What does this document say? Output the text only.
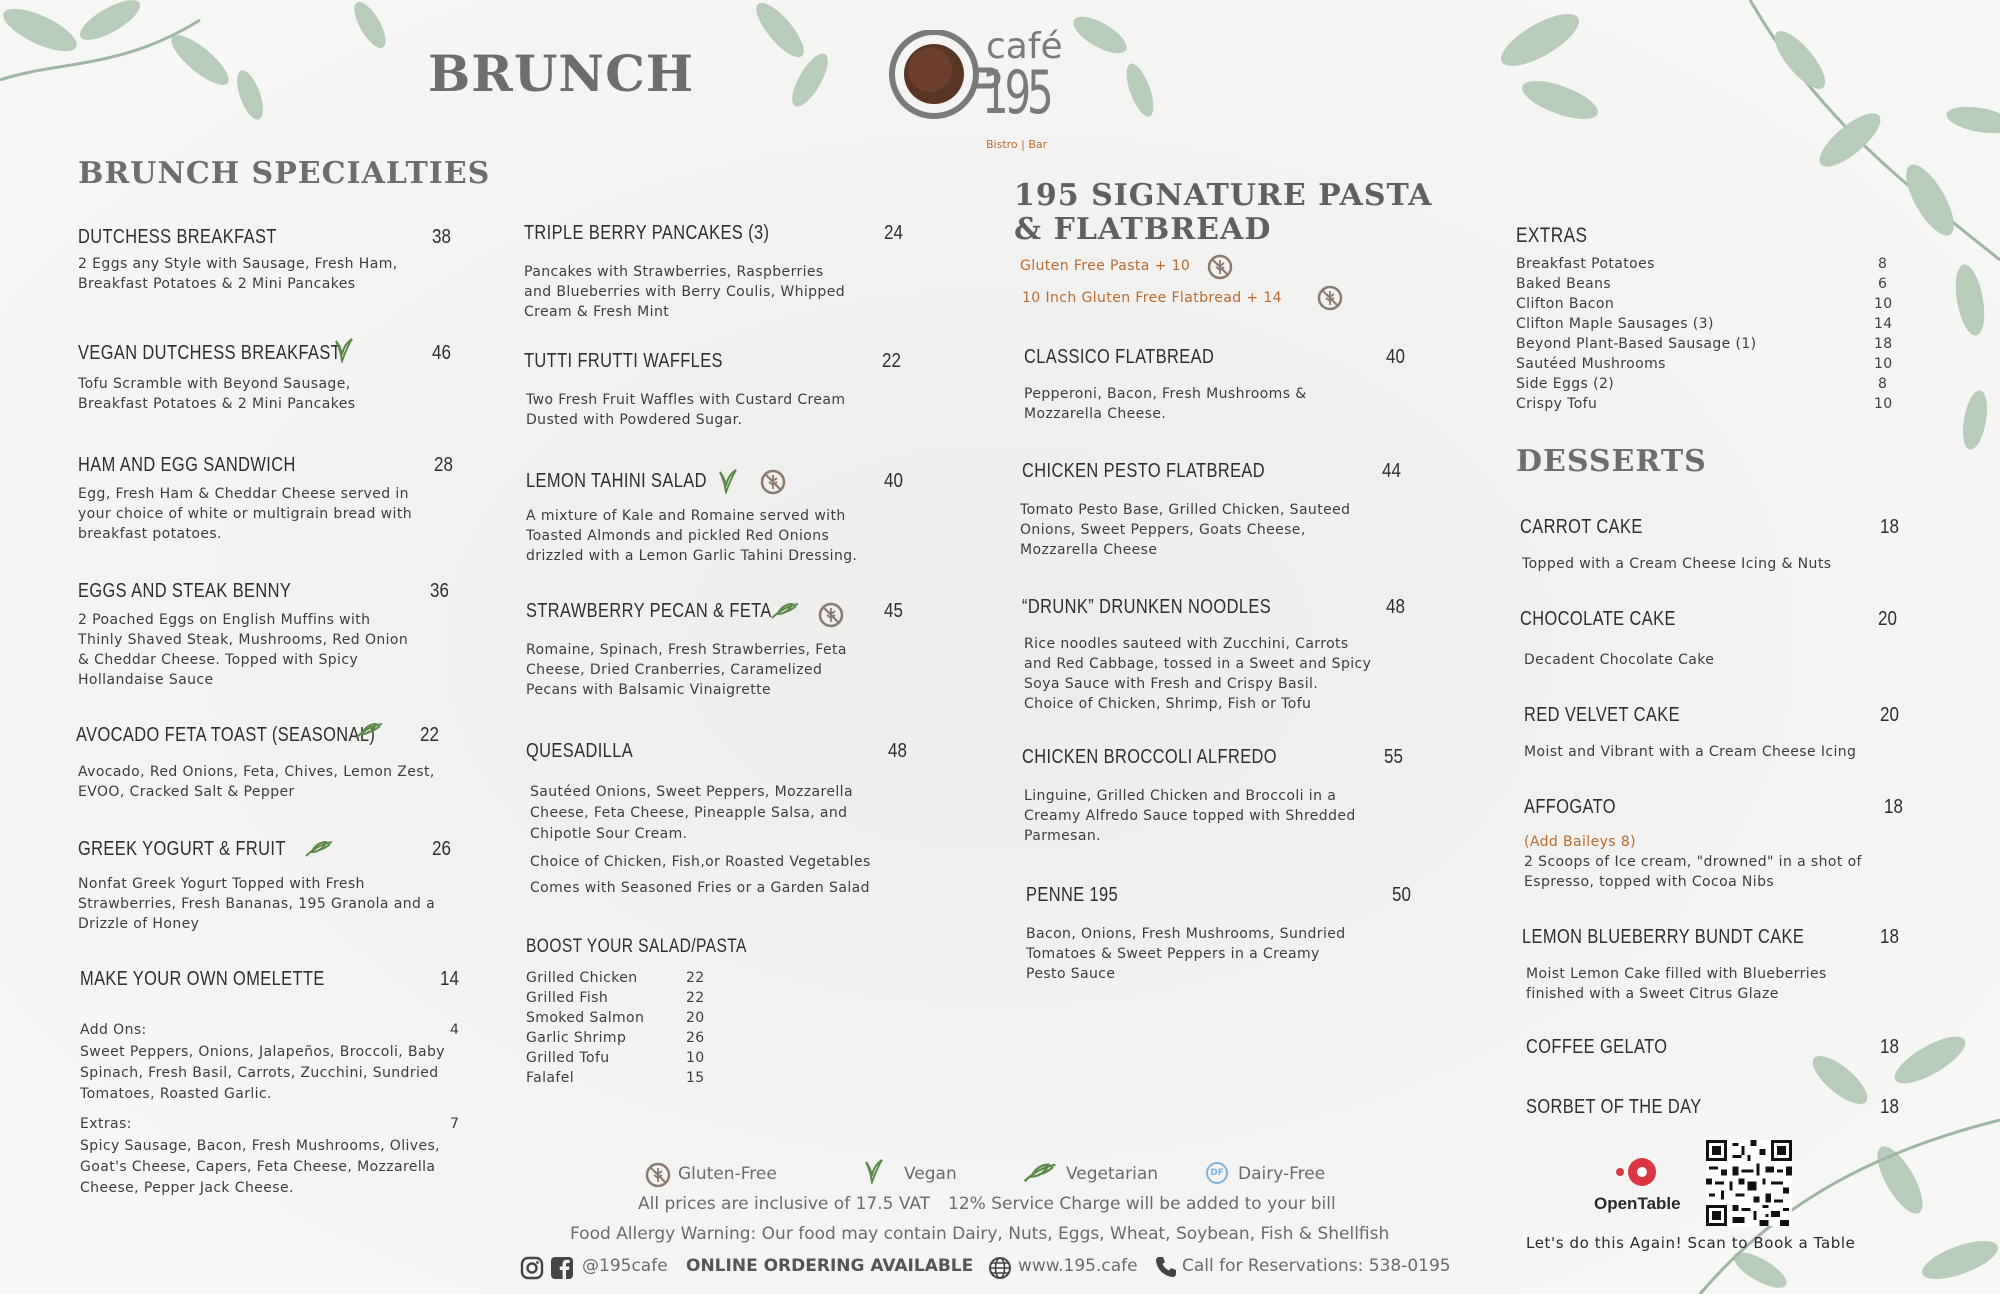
BRUNCH	café
195
Bistro | Bar
BRUNCH SPECIALTIES
DUTCHESS BREAKFAST	38
2 Eggs any Style with Sausage, Fresh Ham,
Breakfast Potatoes & 2 Mini Pancakes
VEGAN DUTCHESS BREAKFAST	46
Tofu Scramble with Beyond Sausage,
Breakfast Potatoes & 2 Mini Pancakes
HAM AND EGG SANDWICH	28
Egg, Fresh Ham & Cheddar Cheese served in
your choice of white or multigrain bread with
breakfast potatoes.
EGGS AND STEAK BENNY	36
2 Poached Eggs on English Muffins with
Thinly Shaved Steak, Mushrooms, Red Onion
& Cheddar Cheese. Topped with Spicy
Hollandaise Sauce
AVOCADO FETA TOAST (SEASONAL) 22
Avocado, Red Onions, Feta, Chives, Lemon Zest,
EVOO, Cracked Salt & Pepper
GREEK YOGURT & FRUIT	26
Nonfat Greek Yogurt Topped with Fresh
Strawberries, Fresh Bananas, 195 Granola and a
Drizzle of Honey
MAKE YOUR OWN OMELETTE	14
Add Ons:	4
Sweet Peppers, Onions, Jalapeños, Broccoli, Baby
Spinach, Fresh Basil, Carrots, Zucchini, Sundried
Tomatoes, Roasted Garlic.
Extras:	7
Spicy Sausage, Bacon, Fresh Mushrooms, Olives,
Goat's Cheese, Capers, Feta Cheese, Mozzarella
Cheese, Pepper Jack Cheese.
TRIPLE BERRY PANCAKES (3)	24
Pancakes with Strawberries, Raspberries
and Blueberries with Berry Coulis, Whipped
Cream & Fresh Mint
TUTTI FRUTTI WAFFLES	22
Two Fresh Fruit Waffles with Custard Cream
Dusted with Powdered Sugar.
LEMON TAHINI SALAD	40
A mixture of Kale and Romaine served with
Toasted Almonds and pickled Red Onions
drizzled with a Lemon Garlic Tahini Dressing.
STRAWBERRY PECAN & FETA	45
Romaine, Spinach, Fresh Strawberries, Feta
Cheese, Dried Cranberries, Caramelized
Pecans with Balsamic Vinaigrette
QUESADILLA	48
Sautéed Onions, Sweet Peppers, Mozzarella
Cheese, Feta Cheese, Pineapple Salsa, and
Chipotle Sour Cream.
Choice of Chicken, Fish,or Roasted Vegetables
Comes with Seasoned Fries or a Garden Salad
BOOST YOUR SALAD/PASTA
Grilled Chicken	22
Grilled Fish	22
Smoked Salmon	20
Garlic Shrimp	26
Grilled Tofu	10
Falafel	15
195 SIGNATURE PASTA
& FLATBREAD
Gluten Free Pasta + 10
10 Inch Gluten Free Flatbread + 14
CLASSICO FLATBREAD	40
Pepperoni, Bacon, Fresh Mushrooms &
Mozzarella Cheese.
CHICKEN PESTO FLATBREAD	44
Tomato Pesto Base, Grilled Chicken, Sauteed
Onions, Sweet Peppers, Goats Cheese,
Mozzarella Cheese
“DRUNK” DRUNKEN NOODLES	48
Rice noodles sauteed with Zucchini, Carrots
and Red Cabbage, tossed in a Sweet and Spicy
Soya Sauce with Fresh and Crispy Basil.
Choice of Chicken, Shrimp, Fish or Tofu
CHICKEN BROCCOLI ALFREDO	55
Linguine, Grilled Chicken and Broccoli in a
Creamy Alfredo Sauce topped with Shredded
Parmesan.
PENNE 195	50
Bacon, Onions, Fresh Mushrooms, Sundried
Tomatoes & Sweet Peppers in a Creamy
Pesto Sauce
EXTRAS
Breakfast Potatoes	8
Baked Beans	6
Clifton Bacon	10
Clifton Maple Sausages (3)	14
Beyond Plant-Based Sausage (1)	18
Sautéed Mushrooms	10
Side Eggs (2)	8
Crispy Tofu	10
DESSERTS
CARROT CAKE	18
Topped with a Cream Cheese Icing & Nuts
CHOCOLATE CAKE	20
Decadent Chocolate Cake
RED VELVET CAKE	20
Moist and Vibrant with a Cream Cheese Icing
AFFOGATO	18
(Add Baileys 8)
2 Scoops of Ice cream, "drowned" in a shot of
Espresso, topped with Cocoa Nibs
LEMON BLUEBERRY BUNDT CAKE	18
Moist Lemon Cake filled with Blueberries
finished with a Sweet Citrus Glaze
COFFEE GELATO	18
SORBET OF THE DAY	18
OpenTable
Let's do this Again! Scan to Book a Table
Gluten-Free	Vegan	Vegetarian	DF Dairy-Free
All prices are inclusive of 17.5 VAT 12% Service Charge will be added to your bill
Food Allergy Warning: Our food may contain Dairy, Nuts, Eggs, Wheat, Soybean, Fish & Shellfish
@195cafe ONLINE ORDERING AVAILABLE	www.195.cafe	Call for Reservations: 538-0195
